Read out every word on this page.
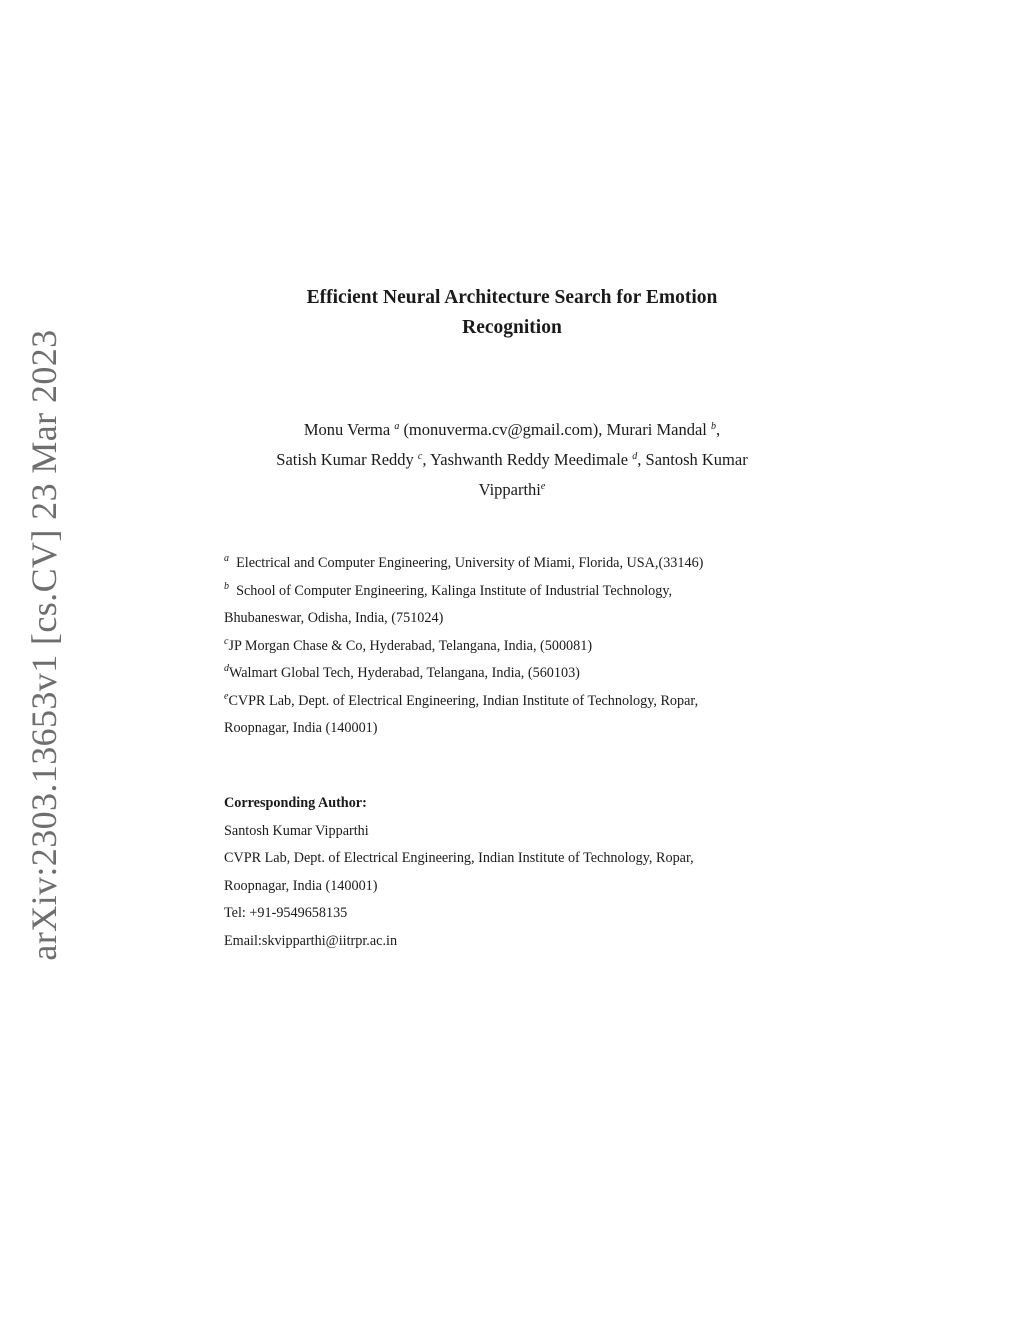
arXiv:2303.13653v1 [cs.CV] 23 Mar 2023
Efficient Neural Architecture Search for Emotion
Recognition
Monu Verma $^a$ (monuverma.cv@gmail.com), Murari Mandal $^b$,
Satish Kumar Reddy $^c$, Yashwanth Reddy Meedimale $^d$, Santosh Kumar
Vipparthi$^e$
$^a$ Electrical and Computer Engineering, University of Miami, Florida, USA,(33146)
$^b$ School of Computer Engineering, Kalinga Institute of Industrial Technology,
Bhubaneswar, Odisha, India, (751024)
$^c$JP Morgan Chase & Co, Hyderabad, Telangana, India, (500081)
$^d$Walmart Global Tech, Hyderabad, Telangana, India, (560103)
$^e$CVPR Lab, Dept. of Electrical Engineering, Indian Institute of Technology, Ropar,
Roopnagar, India (140001)
Corresponding Author:
Santosh Kumar Vipparthi
CVPR Lab, Dept. of Electrical Engineering, Indian Institute of Technology, Ropar,
Roopnagar, India (140001)
Tel: +91-9549658135
Email:skvipparthi@iitrpr.ac.in
